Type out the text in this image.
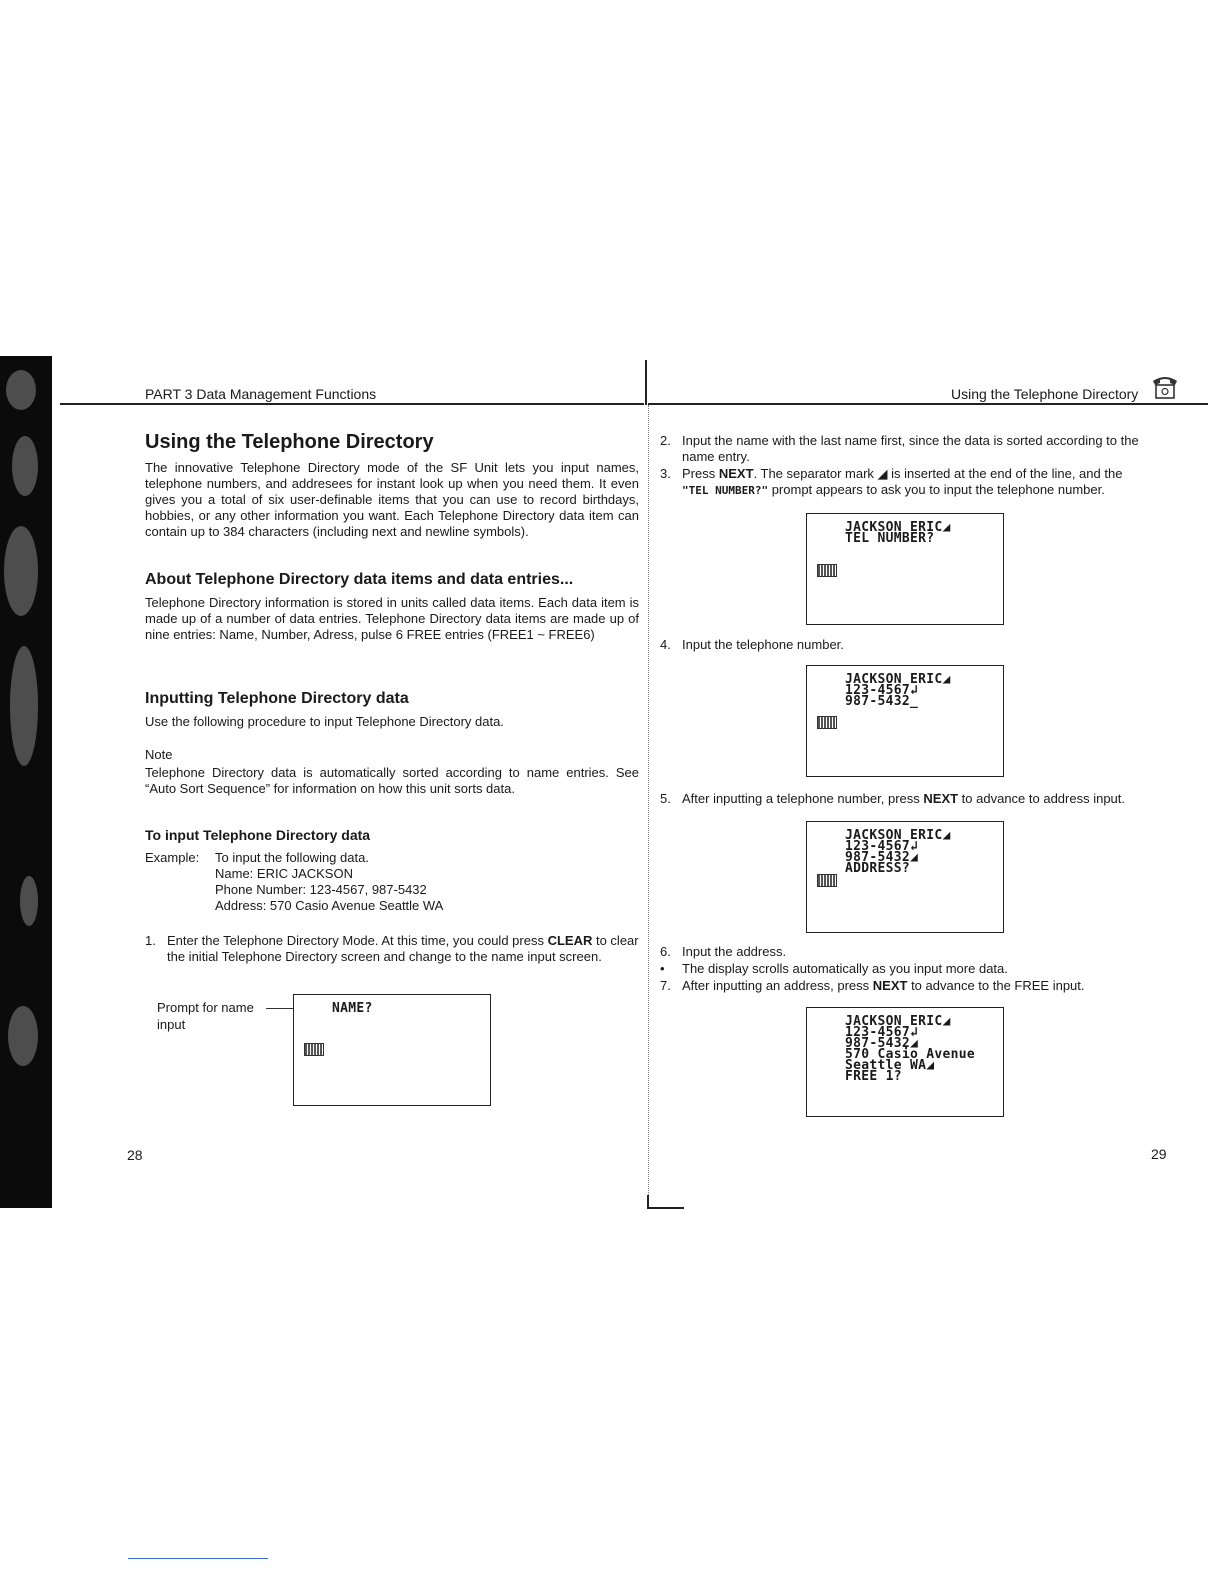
PART 3 Data Management Functions
Using the Telephone Directory
The innovative Telephone Directory mode of the SF Unit lets you input names, telephone numbers, and addresees for instant look up when you need them. It even gives you a total of six user-definable items that you can use to record birthdays, hobbies, or any other information you want. Each Telephone Directory data item can contain up to 384 characters (including next and newline symbols).
About Telephone Directory data items and data entries...
Telephone Directory information is stored in units called data items. Each data item is made up of a number of data entries. Telephone Directory data items are made up of nine entries: Name, Number, Adress, pulse 6 FREE entries (FREE1 ~ FREE6)
Inputting Telephone Directory data
Use the following procedure to input Telephone Directory data.
Note
Telephone Directory data is automatically sorted according to name entries. See “Auto Sort Sequence” for information on how this unit sorts data.
To input Telephone Directory data
Example: To input the following data.
Name: ERIC JACKSON
Phone Number: 123-4567, 987-5432
Address: 570 Casio Avenue Seattle WA
1. Enter the Telephone Directory Mode. At this time, you could press CLEAR to clear the initial Telephone Directory screen and change to the name input screen.
Prompt for name
input
NAME?
28
Using the Telephone Directory
2. Input the name with the last name first, since the data is sorted according to the name entry.
3. Press NEXT. The separator mark ◢ is inserted at the end of the line, and the "TEL NUMBER?" prompt appears to ask you to input the telephone number.
JACKSON ERIC◢
TEL NUMBER?
4. Input the telephone number.
JACKSON ERIC◢
123-4567↲
987-5432_
5. After inputting a telephone number, press NEXT to advance to address input.
JACKSON ERIC◢
123-4567↲
987-5432◢
ADDRESS?
6. Input the address.
• The display scrolls automatically as you input more data.
7. After inputting an address, press NEXT to advance to the FREE input.
JACKSON ERIC◢
123-4567↲
987-5432◢
570 Casio Avenue
Seattle WA◢
FREE 1?
29
